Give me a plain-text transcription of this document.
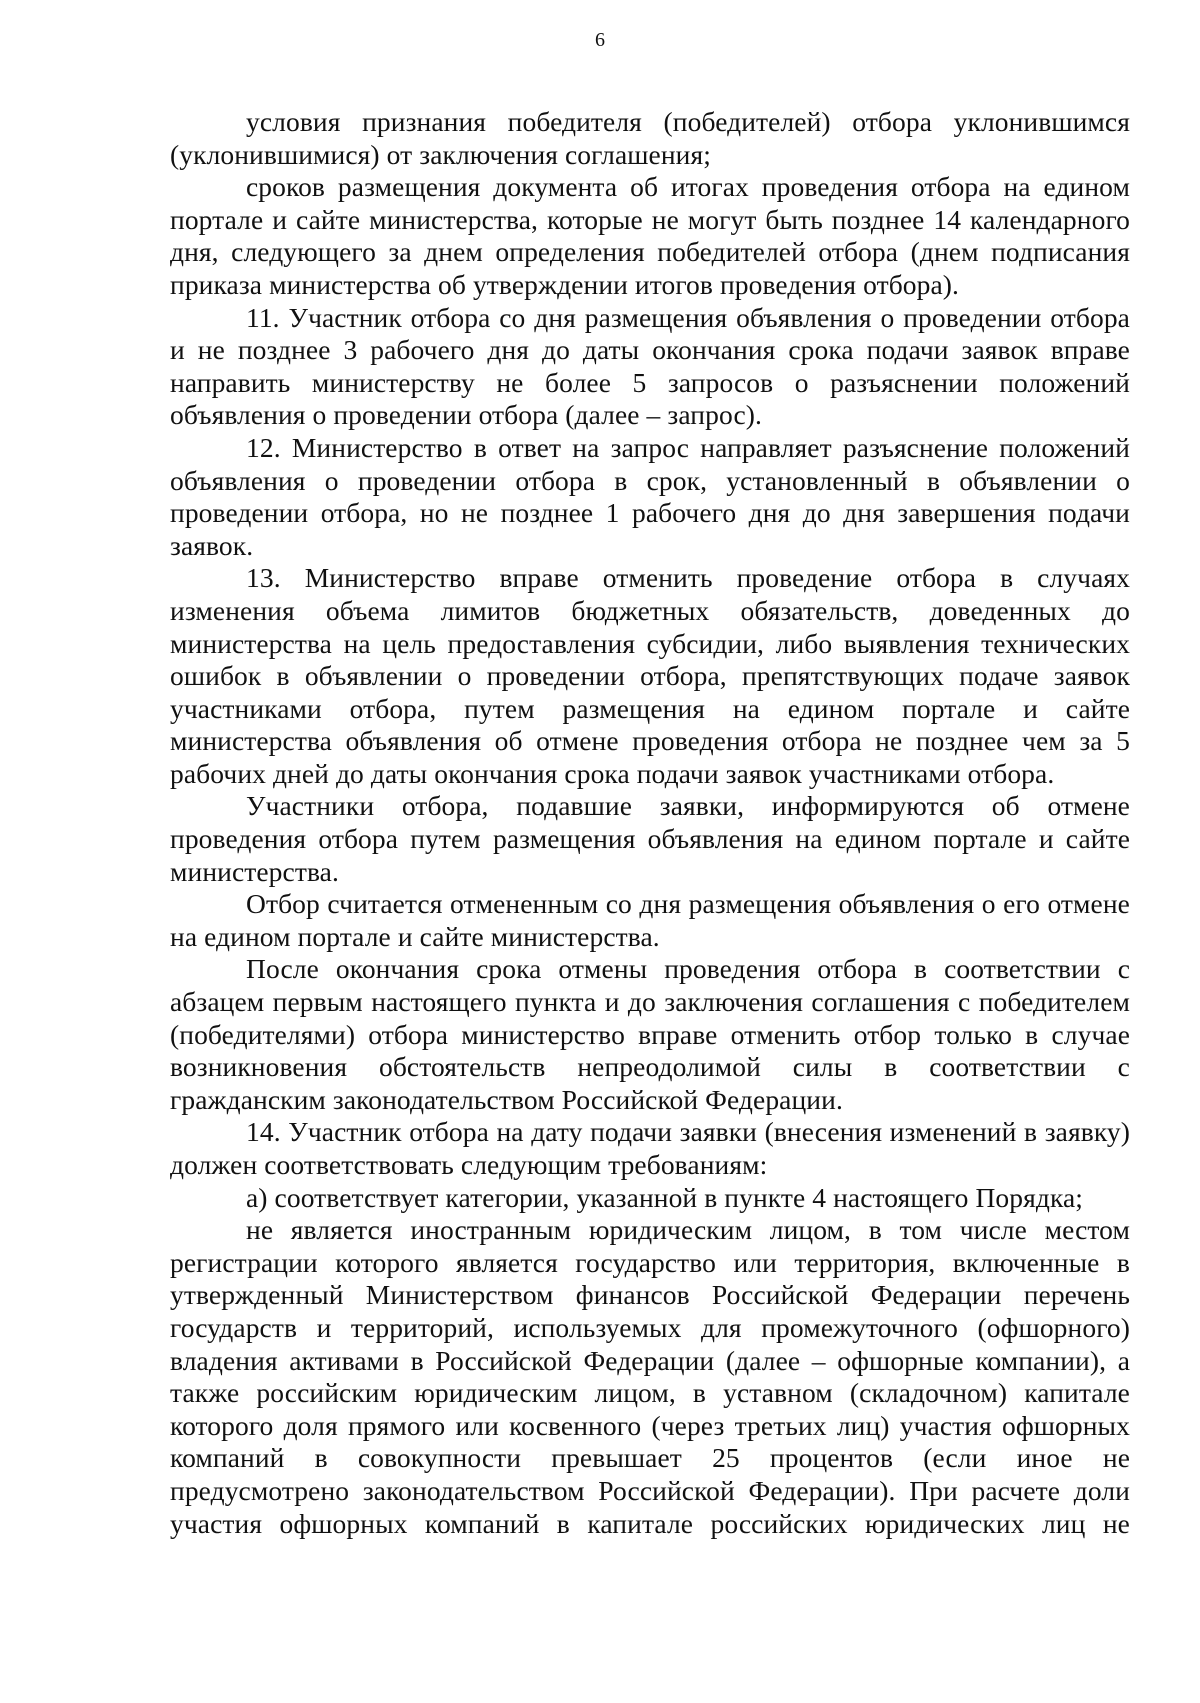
6

условия признания победителя (победителей) отбора уклонившимся (уклонившимися) от заключения соглашения;

сроков размещения документа об итогах проведения отбора на едином портале и сайте министерства, которые не могут быть позднее 14 календарного дня, следующего за днем определения победителей отбора (днем подписания приказа министерства об утверждении итогов проведения отбора).

11. Участник отбора со дня размещения объявления о проведении отбора и не позднее 3 рабочего дня до даты окончания срока подачи заявок вправе направить министерству не более 5 запросов о разъяснении положений объявления о проведении отбора (далее – запрос).

12. Министерство в ответ на запрос направляет разъяснение положений объявления о проведении отбора в срок, установленный в объявлении о проведении отбора, но не позднее 1 рабочего дня до дня завершения подачи заявок.

13. Министерство вправе отменить проведение отбора в случаях изменения объема лимитов бюджетных обязательств, доведенных до министерства на цель предоставления субсидии, либо выявления технических ошибок в объявлении о проведении отбора, препятствующих подаче заявок участниками отбора, путем размещения на едином портале и сайте министерства объявления об отмене проведения отбора не позднее чем за 5 рабочих дней до даты окончания срока подачи заявок участниками отбора.

Участники отбора, подавшие заявки, информируются об отмене проведения отбора путем размещения объявления на едином портале и сайте министерства.

Отбор считается отмененным со дня размещения объявления о его отмене на едином портале и сайте министерства.

После окончания срока отмены проведения отбора в соответствии с абзацем первым настоящего пункта и до заключения соглашения с победителем (победителями) отбора министерство вправе отменить отбор только в случае возникновения обстоятельств непреодолимой силы в соответствии с гражданским законодательством Российской Федерации.

14. Участник отбора на дату подачи заявки (внесения изменений в заявку) должен соответствовать следующим требованиям:

а) соответствует категории, указанной в пункте 4 настоящего Порядка;

не является иностранным юридическим лицом, в том числе местом регистрации которого является государство или территория, включенные в утвержденный Министерством финансов Российской Федерации перечень государств и территорий, используемых для промежуточного (офшорного) владения активами в Российской Федерации (далее – офшорные компании), а также российским юридическим лицом, в уставном (складочном) капитале которого доля прямого или косвенного (через третьих лиц) участия офшорных компаний в совокупности превышает 25 процентов (если иное не предусмотрено законодательством Российской Федерации). При расчете доли участия офшорных компаний в капитале российских юридических лиц не
